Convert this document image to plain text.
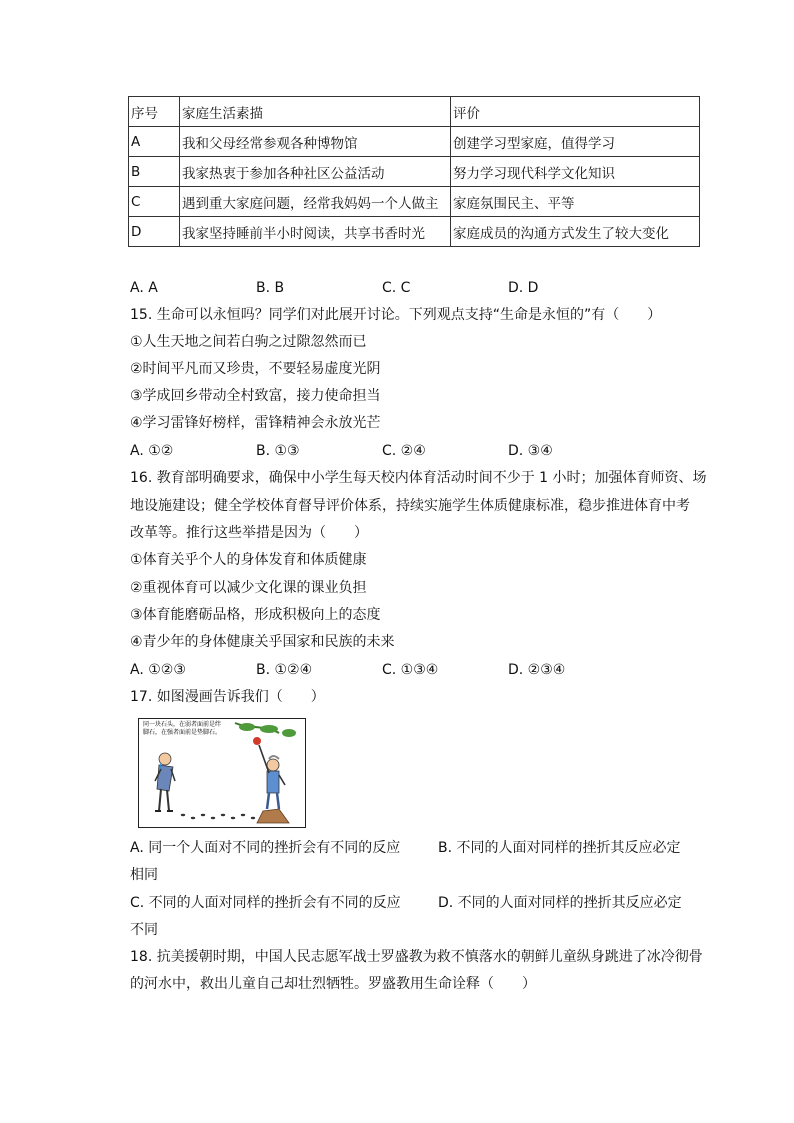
序号	家庭生活素描	评价
A	我和父母经常参观各种博物馆	创建学习型家庭，值得学习
B	我家热衷于参加各种社区公益活动	努力学习现代科学文化知识
C	遇到重大家庭问题，经常我妈妈一个人做主	家庭氛围民主、平等
D	我家坚持睡前半小时阅读，共享书香时光	家庭成员的沟通方式发生了较大变化
A. A	B. B	C. C	D. D
15. 生命可以永恒吗？同学们对此展开讨论。下列观点支持“生命是永恒的”有（　　）
①人生天地之间若白驹之过隙忽然而已
②时间平凡而又珍贵，不要轻易虚度光阴
③学成回乡带动全村致富，接力使命担当
④学习雷锋好榜样，雷锋精神会永放光芒
A. ①②	B. ①③	C. ②④	D. ③④
16. 教育部明确要求，确保中小学生每天校内体育活动时间不少于 1 小时；加强体育师资、场
地设施建设；健全学校体育督导评价体系，持续实施学生体质健康标准，稳步推进体育中考
改革等。推行这些举措是因为（　　）
①体育关乎个人的身体发育和体质健康
②重视体育可以减少文化课的课业负担
③体育能磨砺品格，形成积极向上的态度
④青少年的身体健康关乎国家和民族的未来
A. ①②③	B. ①②④	C. ①③④	D. ②③④
17. 如图漫画告诉我们（　　）
同一块石头，在弱者面前是绊脚石，在强者面前是垫脚石。
A. 同一个人面对不同的挫折会有不同的反应	B. 不同的人面对同样的挫折其反应必定
相同
C. 不同的人面对同样的挫折会有不同的反应	D. 不同的人面对同样的挫折其反应必定
不同
18. 抗美援朝时期，中国人民志愿军战士罗盛教为救不慎落水的朝鲜儿童纵身跳进了冰冷彻骨
的河水中，救出儿童自己却壮烈牺牲。罗盛教用生命诠释（　　）
